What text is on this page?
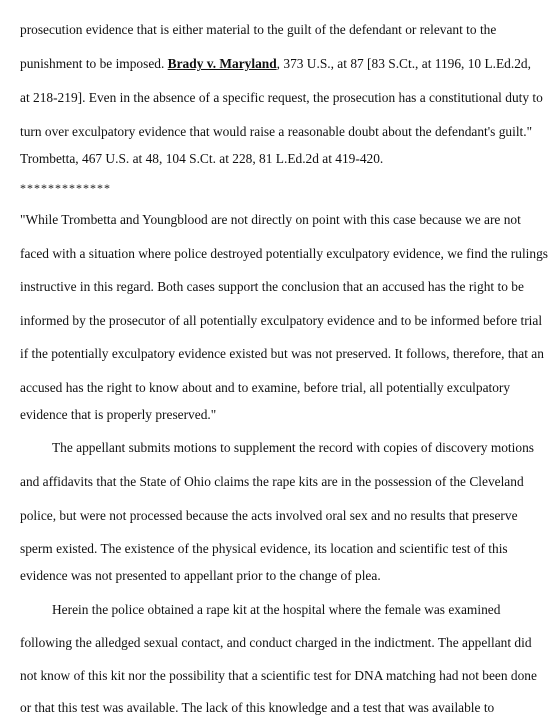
prosecution evidence that is either material to the guilt of the defendant or relevant to the
punishment to be imposed. Brady v. Maryland, 373 U.S., at 87 [83 S.Ct., at 1196, 10 L.Ed.2d,
at 218-219]. Even in the absence of a specific request, the prosecution has a constitutional duty to
turn over exculpatory evidence that would raise a reasonable doubt about the defendant's guilt."
Trombetta, 467 U.S. at 48, 104 S.Ct. at 228, 81 L.Ed.2d at 419-420.
*************
"While Trombetta and Youngblood are not directly on point with this case because we are not
faced with a situation where police destroyed potentially exculpatory evidence, we find the rulings
instructive in this regard. Both cases support the conclusion that an accused has the right to be
informed by the prosecutor of all potentially exculpatory evidence and to be informed before trial
if the potentially exculpatory evidence existed but was not preserved. It follows, therefore, that an
accused has the right to know about and to examine, before trial, all potentially exculpatory
evidence that is properly preserved."
The appellant submits motions to supplement the record with copies of discovery motions
and affidavits that the State of Ohio claims the rape kits are in the possession of the Cleveland
police, but were not processed because the acts involved oral sex and no results that preserve
sperm existed. The existence of the physical evidence, its location and scientific test of this
evidence was not presented to appellant prior to the change of plea.
Herein the police obtained a rape kit at the hospital where the female was examined
following the alledged sexual contact, and conduct charged in the indictment. The appellant did
not know of this kit nor the possibility that a scientific test for DNA matching had not been done
or that this test was available. The lack of this knowledge and a test that was available to
